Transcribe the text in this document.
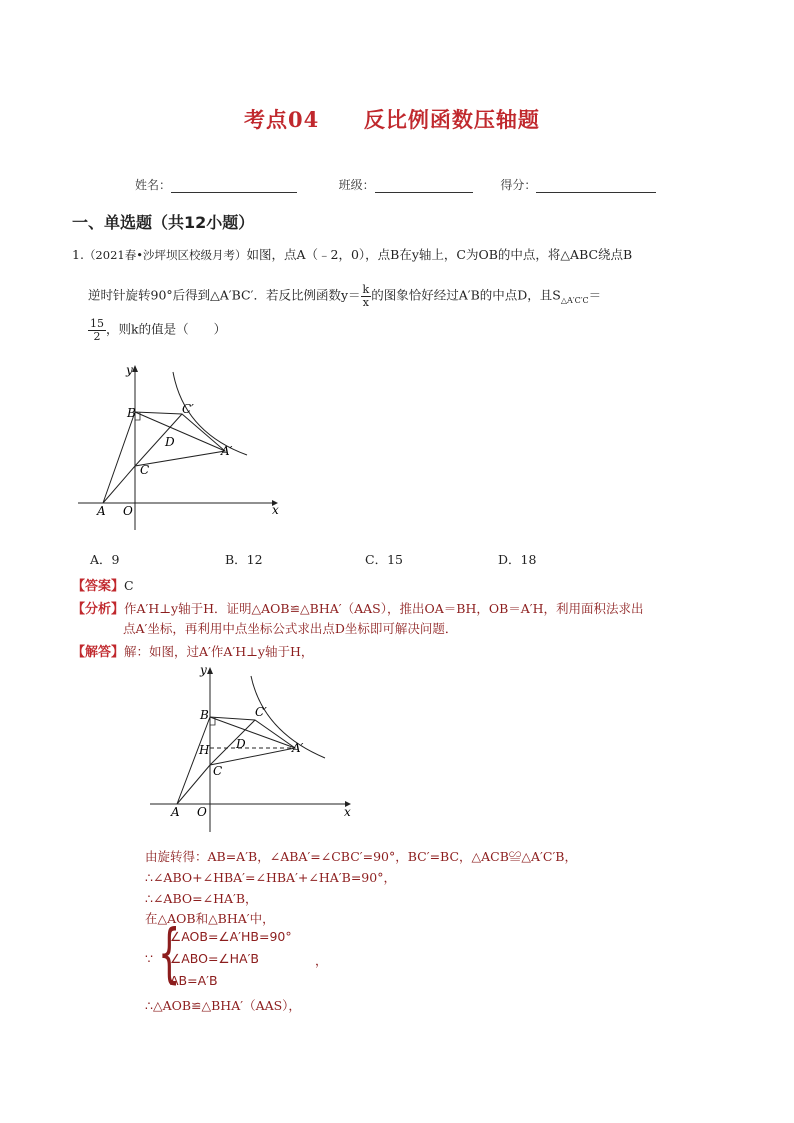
考点04 反比例函数压轴题
姓名：	班级：	得分：
一、单选题（共12小题）
1.（2021春•沙坪坝区校级月考）如图，点A（﹣2，0），点B在y轴上，C为OB的中点，将△ABC绕点B
逆时针旋转90°后得到△A′BC′．若反比例函数$y= \frac{k}{x}$ 的图象恰好经过A′B的中点D，且$S_{\triangle A'C'C}=$
$\frac{15}{2}$ ，则k的值是（　　）
y
x
A O
B
C
C′
D
A′
A．9	B．12	C．15	D．18
【答案】C
【分析】作A′H⊥y轴于H．证明△AOB≌△BHA′（AAS），推出OA＝BH，OB＝A′H，利用面积法求出
点A′坐标，再利用中点坐标公式求出点D坐标即可解决问题．
【解答】解：如图，过A′作A′H⊥y轴于H，
y
x
A O
B
H
C
C′
D	A′
由旋转得：AB=A′B，∠ABA′=∠CBC′=90°，BC′=BC，△ACB≌△A′C′B，
∴∠ABO+∠HBA′=∠HBA′+∠HA′B=90°，
∴∠ABO=∠HA′B，
在△AOB和△BHA′中，
∵ {
∠AOB=∠A′HB=90°
∠ABO=∠HA′B	，
AB=A′B
∴△AOB≌△BHA′（AAS），
